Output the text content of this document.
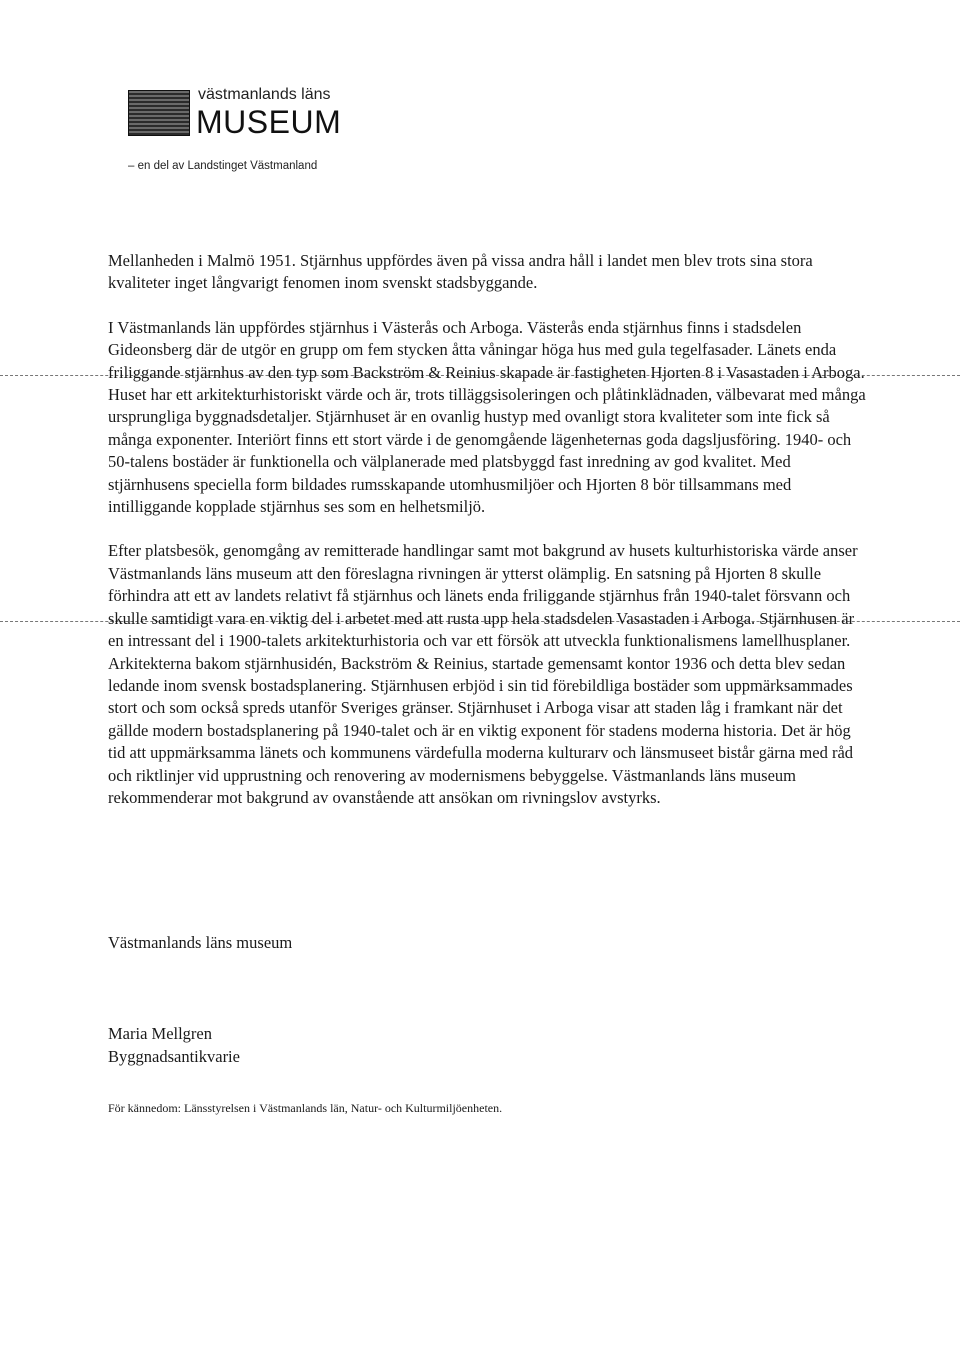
västmanlands läns
MUSEUM
– en del av Landstinget Västmanland

Mellanheden i Malmö 1951. Stjärnhus uppfördes även på vissa andra håll i landet men blev trots sina stora kvaliteter inget långvarigt fenomen inom svenskt stadsbyggande.

I Västmanlands län uppfördes stjärnhus i Västerås och Arboga. Västerås enda stjärnhus finns i stadsdelen Gideonsberg där de utgör en grupp om fem stycken åtta våningar höga hus med gula tegelfasader. Länets enda friliggande stjärnhus av den typ som Backström & Reinius skapade är fastigheten Hjorten 8 i Vasastaden i Arboga. Huset har ett arkitekturhistoriskt värde och är, trots tilläggsisoleringen och plåtinklädnaden, välbevarat med många ursprungliga byggnadsdetaljer. Stjärnhuset är en ovanlig hustyp med ovanligt stora kvaliteter som inte fick så många exponenter. Interiört finns ett stort värde i de genomgående lägenheternas goda dagsljusföring. 1940- och 50-talens bostäder är funktionella och välplanerade med platsbyggd fast inredning av god kvalitet. Med stjärnhusens speciella form bildades rumsskapande utomhusmiljöer och Hjorten 8 bör tillsammans med intilliggande kopplade stjärnhus ses som en helhetsmiljö.

Efter platsbesök, genomgång av remitterade handlingar samt mot bakgrund av husets kulturhistoriska värde anser Västmanlands läns museum att den föreslagna rivningen är ytterst olämplig. En satsning på Hjorten 8 skulle förhindra att ett av landets relativt få stjärnhus och länets enda friliggande stjärnhus från 1940-talet försvann och skulle samtidigt vara en viktig del i arbetet med att rusta upp hela stadsdelen Vasastaden i Arboga. Stjärnhusen är en intressant del i 1900-talets arkitekturhistoria och var ett försök att utveckla funktionalismens lamellhusplaner. Arkitekterna bakom stjärnhusidén, Backström & Reinius, startade gemensamt kontor 1936 och detta blev sedan ledande inom svensk bostadsplanering. Stjärnhusen erbjöd i sin tid förebildliga bostäder som uppmärksammades stort och som också spreds utanför Sveriges gränser. Stjärnhuset i Arboga visar att staden låg i framkant när det gällde modern bostadsplanering på 1940-talet och är en viktig exponent för stadens moderna historia. Det är hög tid att uppmärksamma länets och kommunens värdefulla moderna kulturarv och länsmuseet bistår gärna med råd och riktlinjer vid upprustning och renovering av modernismens bebyggelse. Västmanlands läns museum rekommenderar mot bakgrund av ovanstående att ansökan om rivningslov avstyrks.

Västmanlands läns museum
Maria Mellgren
Byggnadsantikvarie
För kännedom: Länsstyrelsen i Västmanlands län, Natur- och Kulturmiljöenheten.
